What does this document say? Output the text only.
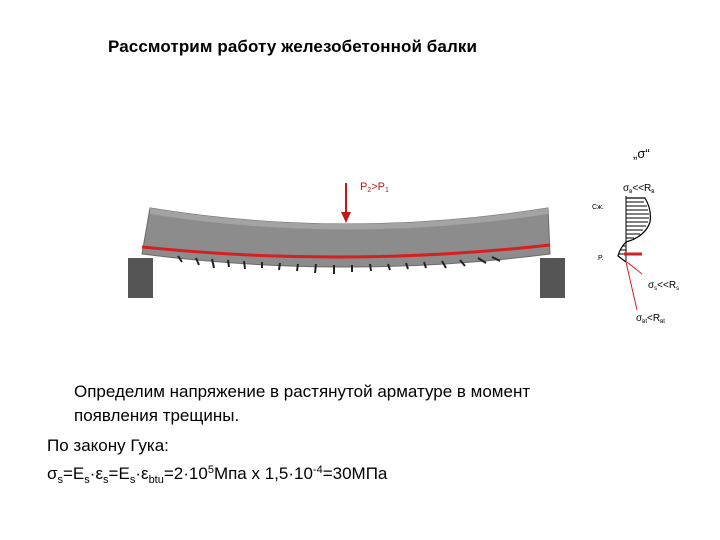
Рассмотрим работу железобетонной балки
P2>P1
„σ“
$\sigma_в<<R_в$
Сж.
Р.
$\sigma_s<<R_s$
$\sigma_{вt}<R_{вt}$
Определим напряжение в растянутой арматуре в момент
появления трещины.
По закону Гука:
$\sigma_s=E_s\cdot\varepsilon_s=E_s\cdot\varepsilon_{btu}=2\cdot 10^5Мпа$ х $1,5\cdot 10^{-4}=30МПа$
